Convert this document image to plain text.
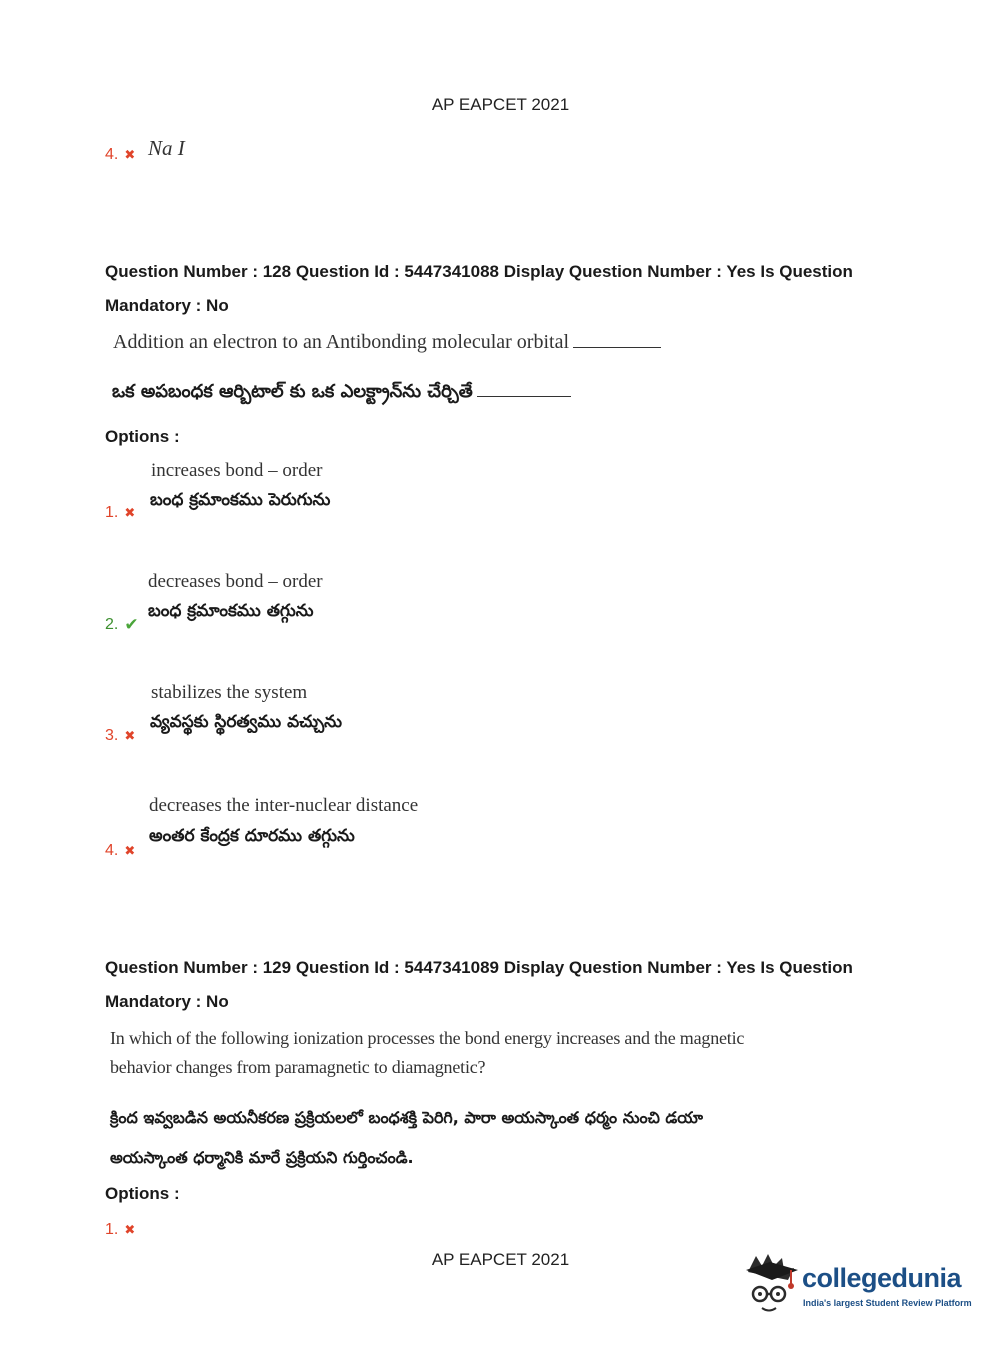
AP EAPCET 2021
4. ✖ Na I
Question Number : 128 Question Id : 5447341088 Display Question Number : Yes Is Question
Mandatory : No
Addition an electron to an Antibonding molecular orbital
ఒక అపబంధక ఆర్బిటాల్ కు ఒక ఎలక్ట్రాన్‌ను చేర్చితే
Options :
increases bond – order
బంధ క్రమాంకము పెరుగును
1. ✖
decreases bond – order
బంధ క్రమాంకము తగ్గును
2. ✔
stabilizes the system
వ్యవస్థకు స్థిరత్వము వచ్చును
3. ✖
decreases the inter-nuclear distance
అంతర కేంద్రక దూరము తగ్గును
4. ✖
Question Number : 129 Question Id : 5447341089 Display Question Number : Yes Is Question
Mandatory : No
In which of the following ionization processes the bond energy increases and the magnetic
behavior changes from paramagnetic to diamagnetic?
క్రింద ఇవ్వబడిన అయనీకరణ ప్రక్రియలలో బంధశక్తి పెరిగి, పారా అయస్కాంత ధర్మం నుంచి డయా
అయస్కాంత ధర్మానికి మారే ప్రక్రియని గుర్తించండి.
Options :
1. ✖
AP EAPCET 2021
collegedunia
India's largest Student Review Platform
